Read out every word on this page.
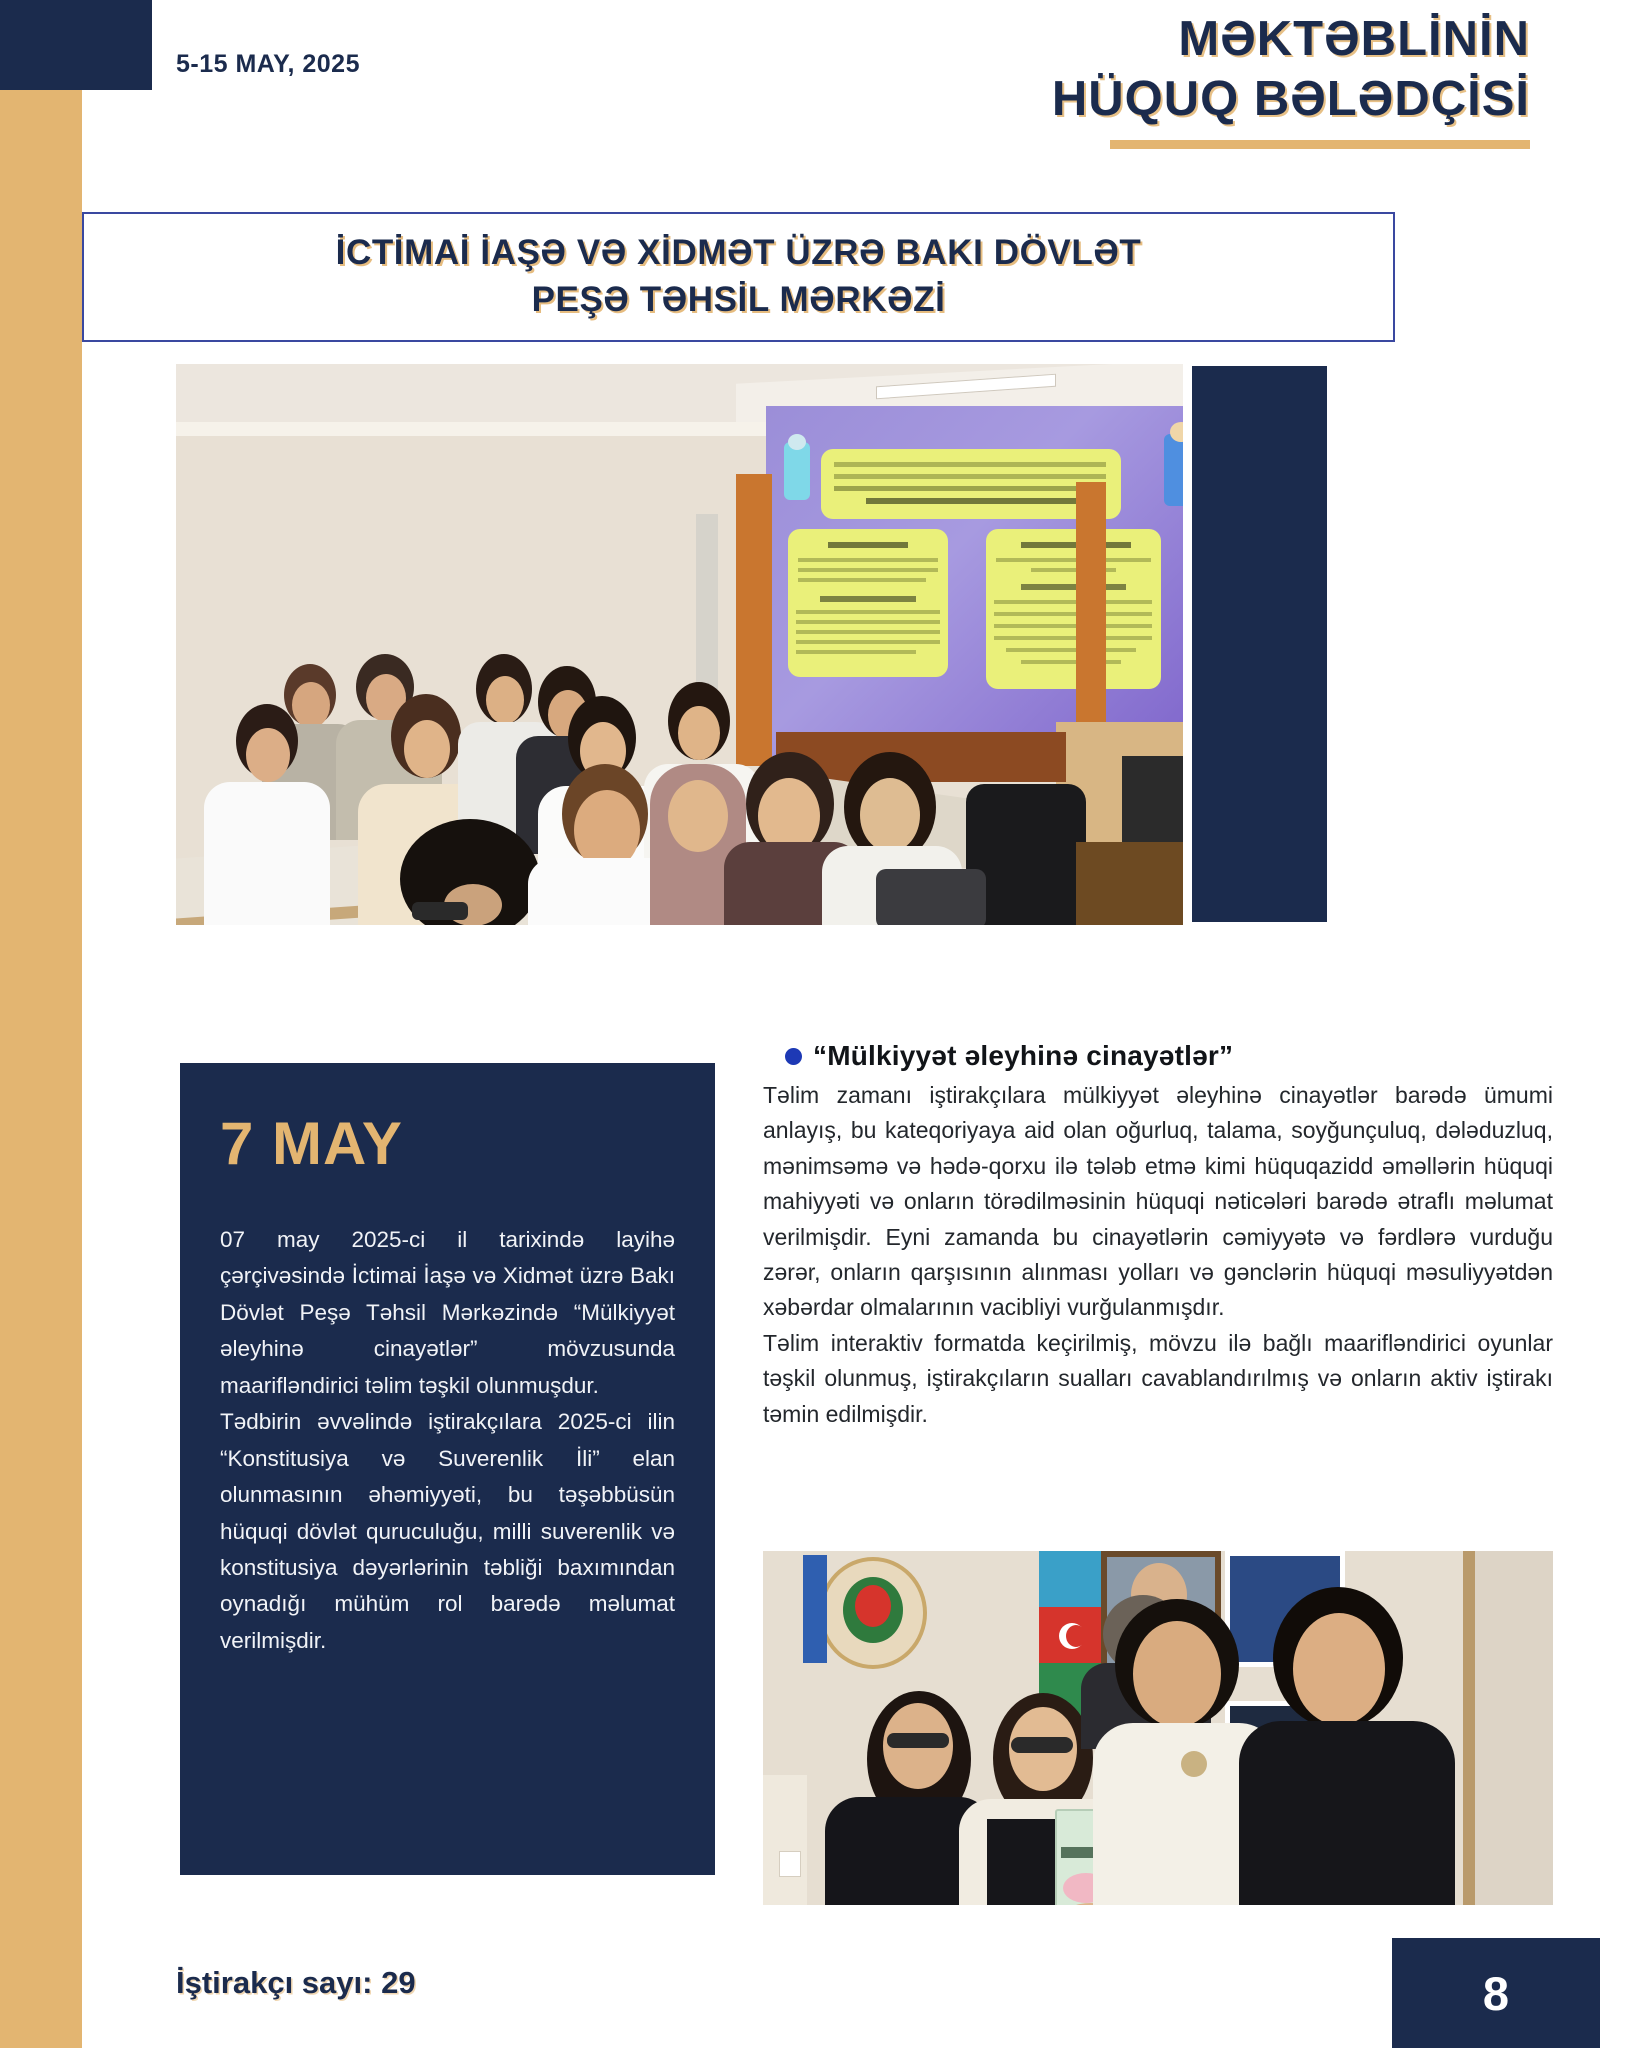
5-15 MAY, 2025	MƏKTƏBLİNİN
HÜQUQ BƏLƏDÇİSİ
İCTİMAİ İAŞƏ VƏ XİDMƏT ÜZRƏ BAKI DÖVLƏT
PEŞƏ TƏHSİL MƏRKƏZİ
7 MAY

07 may 2025-ci il tarixində layihə çərçivəsində İctimai İaşə və Xidmət üzrə Bakı Dövlət Peşə Təhsil Mərkəzində “Mülkiyyət əleyhinə cinayətlər” mövzusunda maarifləndirici təlim təşkil olunmuşdur.

Tədbirin əvvəlində iştirakçılara 2025-ci ilin “Konstitusiya və Suverenlik İli” elan olunmasının əhəmiyyəti, bu təşəbbüsün hüquqi dövlət quruculuğu, milli suverenlik və konstitusiya dəyərlərinin təbliği baxımından oynadığı mühüm rol barədə məlumat verilmişdir.

“Mülkiyyət əleyhinə cinayətlər”

Təlim zamanı iştirakçılara mülkiyyət əleyhinə cinayətlər barədə ümumi anlayış, bu kateqoriyaya aid olan oğurluq, talama, soyğunçuluq, dələduzluq, mənimsəmə və hədə-qorxu ilə tələb etmə kimi hüquqazidd əməllərin hüquqi mahiyyəti və onların törədilməsinin hüquqi nəticələri barədə ətraflı məlumat verilmişdir. Eyni zamanda bu cinayətlərin cəmiyyətə və fərdlərə vurduğu zərər, onların qarşısının alınması yolları və gənclərin hüquqi məsuliyyətdən xəbərdar olmalarının vacibliyi vurğulanmışdır.

Təlim interaktiv formatda keçirilmiş, mövzu ilə bağlı maarifləndirici oyunlar təşkil olunmuş, iştirakçıların sualları cavablandırılmış və onların aktiv iştirakı təmin edilmişdir.

İştirakçı sayı: 29	8
